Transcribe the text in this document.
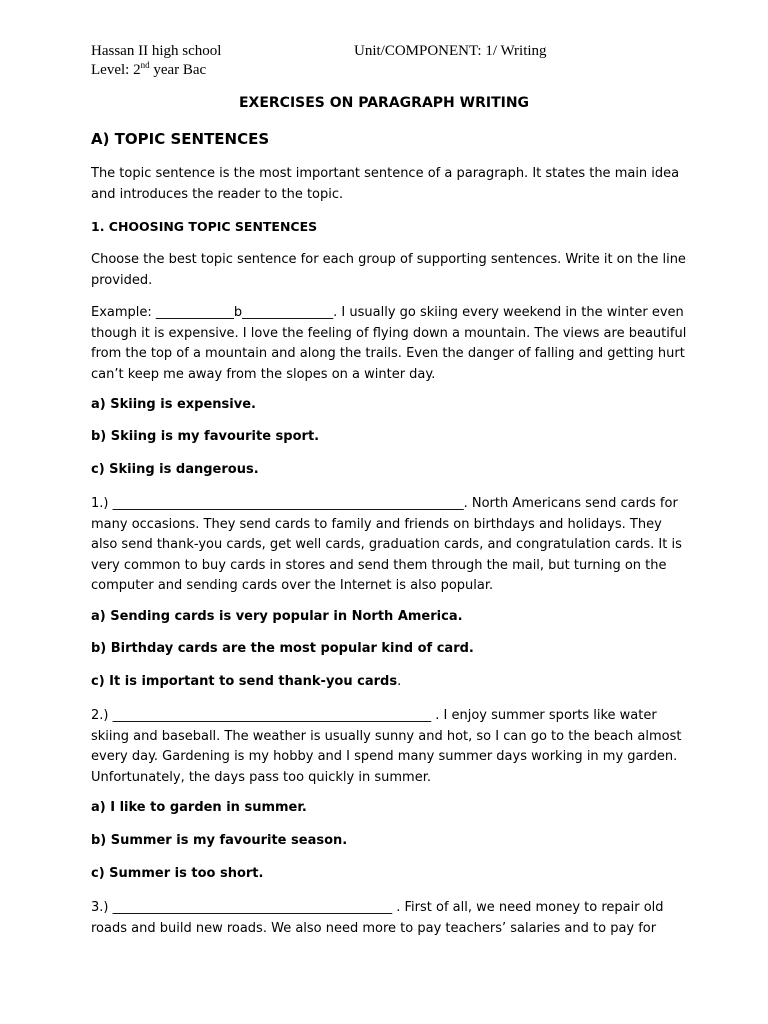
Hassan II high school	Unit/COMPONENT: 1/ Writing
Level: 2nd year Bac
EXERCISES ON PARAGRAPH WRITING
A) TOPIC SENTENCES
The topic sentence is the most important sentence of a paragraph. It states the main idea and introduces the reader to the topic.
1. CHOOSING TOPIC SENTENCES
Choose the best topic sentence for each group of supporting sentences. Write it on the line provided.
Example: ____________b______________. I usually go skiing every weekend in the winter even though it is expensive. I love the feeling of flying down a mountain. The views are beautiful from the top of a mountain and along the trails. Even the danger of falling and getting hurt can’t keep me away from the slopes on a winter day.
a) Skiing is expensive.
b) Skiing is my favourite sport.
c) Skiing is dangerous.
1.) ______________________________________________________. North Americans send cards for many occasions. They send cards to family and friends on birthdays and holidays. They also send thank-you cards, get well cards, graduation cards, and congratulation cards. It is very common to buy cards in stores and send them through the mail, but turning on the computer and sending cards over the Internet is also popular.
a) Sending cards is very popular in North America.
b) Birthday cards are the most popular kind of card.
c) It is important to send thank-you cards.
2.) _________________________________________________ . I enjoy summer sports like water skiing and baseball. The weather is usually sunny and hot, so I can go to the beach almost every day. Gardening is my hobby and I spend many summer days working in my garden. Unfortunately, the days pass too quickly in summer.
a) I like to garden in summer.
b) Summer is my favourite season.
c) Summer is too short.
3.) ___________________________________________ . First of all, we need money to repair old roads and build new roads. We also need more to pay teachers’ salaries and to pay for
